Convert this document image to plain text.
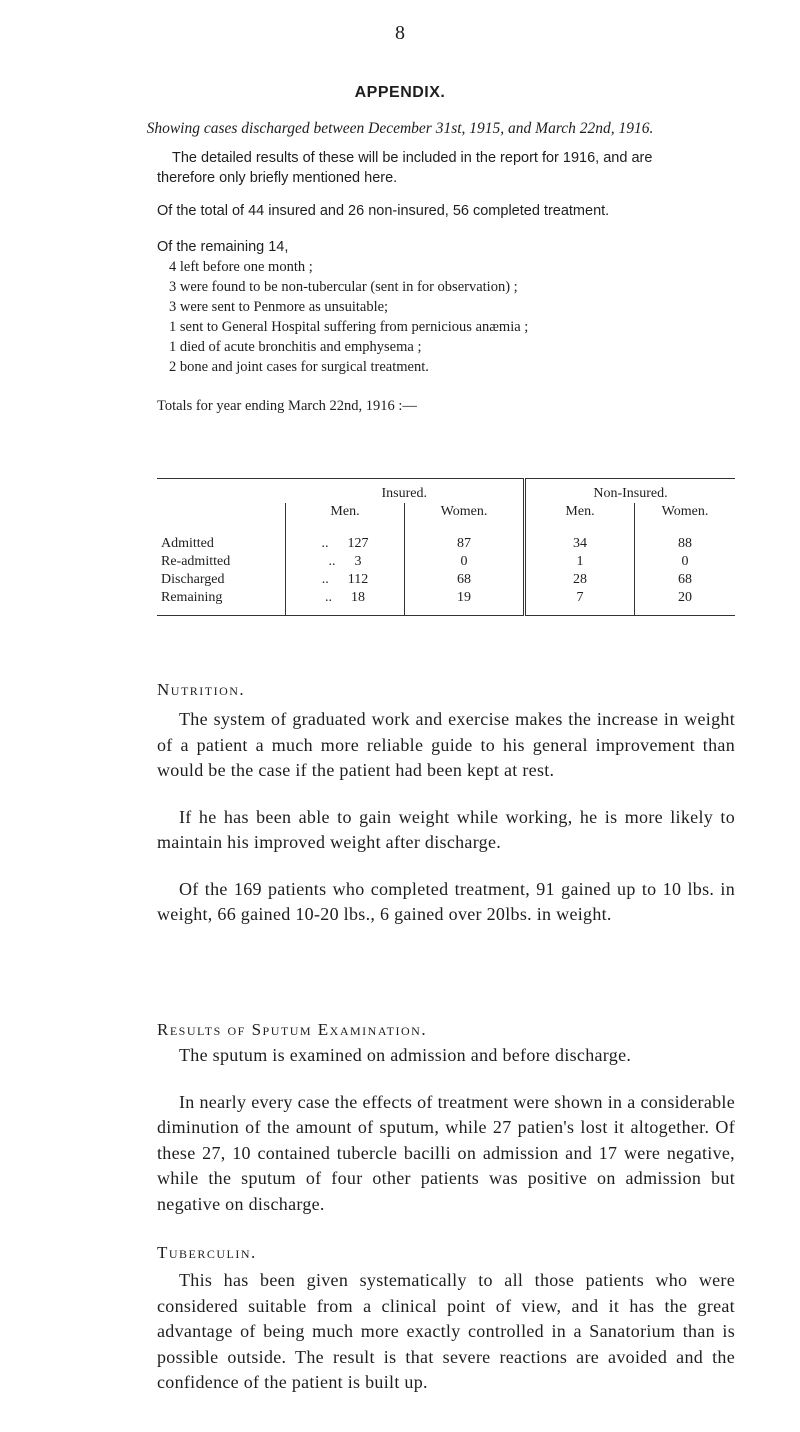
8
APPENDIX.
Showing cases discharged between December 31st, 1915, and March 22nd, 1916.
The detailed results of these will be included in the report for 1916, and are
therefore only briefly mentioned here.
Of the total of 44 insured and 26 non-insured, 56 completed treatment.
Of the remaining 14,
4 left before one month ;
3 were found to be non-tubercular (sent in for observation) ;
3 were sent to Penmore as unsuitable;
1 sent to General Hospital suffering from pernicious anæmia ;
1 died of acute bronchitis and emphysema ;
2 bone and joint cases for surgical treatment.
Totals for year ending March 22nd, 1916 :—
	Insured.		Non-Insured.	
	Men.	Women.	Men.	Women.
Admitted	.. 127	87	34	88
Re-admitted	.. 3	0	1	0
Discharged	.. 112	68	28	68
Remaining	.. 18	19	7	20
Nutrition.

The system of graduated work and exercise makes the increase in weight of a patient a much more reliable guide to his general improvement than would be the case if the patient had been kept at rest.

If he has been able to gain weight while working, he is more likely to maintain his improved weight after discharge.

Of the 169 patients who completed treatment, 91 gained up to 10 lbs. in weight, 66 gained 10-20 lbs., 6 gained over 20lbs. in weight.

Results of Sputum Examination.

The sputum is examined on admission and before discharge.

In nearly every case the effects of treatment were shown in a considerable diminution of the amount of sputum, while 27 patien's lost it altogether. Of these 27, 10 contained tubercle bacilli on admission and 17 were negative, while the sputum of four other patients was positive on admission but negative on discharge.

Tuberculin.

This has been given systematically to all those patients who were considered suitable from a clinical point of view, and it has the great advantage of being much more exactly controlled in a Sanatorium than is possible outside. The result is that severe reactions are avoided and the confidence of the patient is built up.
